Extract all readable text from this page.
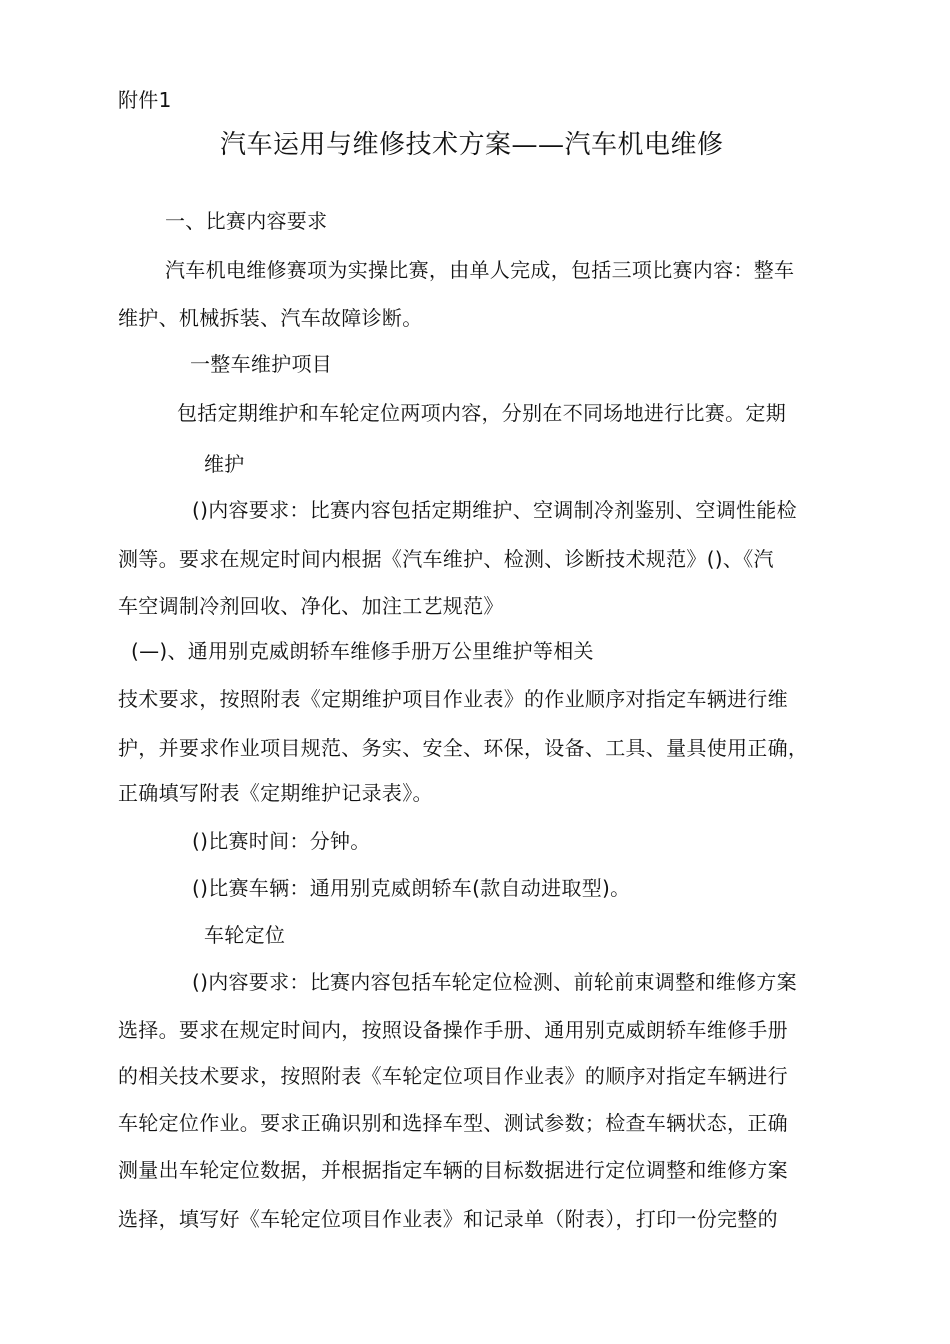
附件1
汽车运用与维修技术方案——汽车机电维修
一、比赛内容要求
汽车机电维修赛项为实操比赛，由单人完成，包括三项比赛内容：整车
维护、机械拆装、汽车故障诊断。
一整车维护项目
包括定期维护和车轮定位两项内容，分别在不同场地进行比赛。定期
维护
()内容要求：比赛内容包括定期维护、空调制冷剂鉴别、空调性能检
测等。要求在规定时间内根据《汽车维护、检测、诊断技术规范》()、《汽
车空调制冷剂回收、净化、加注工艺规范》
(—)、通用别克威朗轿车维修手册万公里维护等相关
技术要求，按照附表《定期维护项目作业表》的作业顺序对指定车辆进行维
护，并要求作业项目规范、务实、安全、环保，设备、工具、量具使用正确，
正确填写附表《定期维护记录表》。
()比赛时间：分钟。
()比赛车辆：通用别克威朗轿车(款自动进取型)。
车轮定位
()内容要求：比赛内容包括车轮定位检测、前轮前束调整和维修方案
选择。要求在规定时间内，按照设备操作手册、通用别克威朗轿车维修手册
的相关技术要求，按照附表《车轮定位项目作业表》的顺序对指定车辆进行
车轮定位作业。要求正确识别和选择车型、测试参数；检查车辆状态，正确
测量出车轮定位数据，并根据指定车辆的目标数据进行定位调整和维修方案
选择，填写好《车轮定位项目作业表》和记录单（附表），打印一份完整的
